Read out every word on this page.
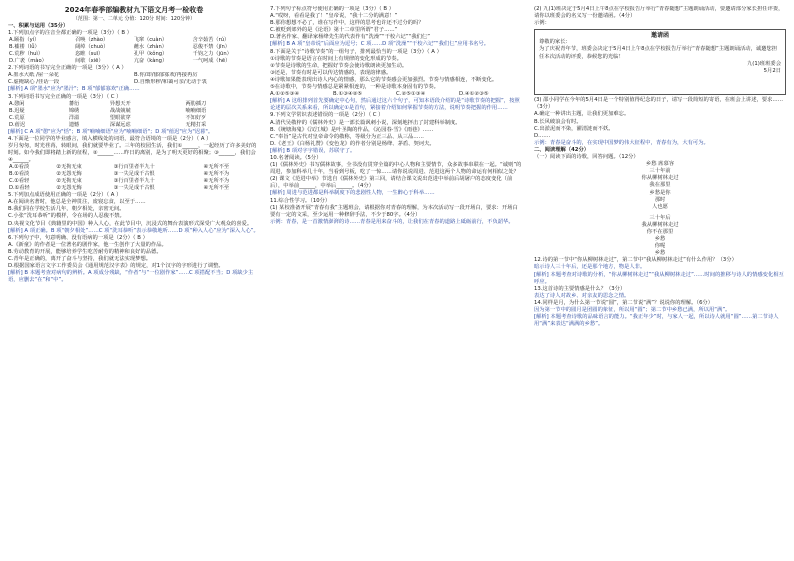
2024年春季部编教材九下语文月考一检收卷
（范围：第一、二单元 分值：120分 时间：120分钟）
一、积累与运用（35分）

1.下列加点字的注音全都正确的一项是（3分）（ B ）

A.颐指（yí）	召唤（zhào）	飞窜（cuàn）	含辛茹苦（rú）
B.褴褛（lǚ）	阔绰（chuò）	蘸水（zhàn）	忍俊不禁（jīn）
C.荒秽（huì）	恣睢（suī）	孔甲（kǒng）	千钧之力（jūn）
D.广袤（mào）	间歇（xiē）	亢奋（kàng）	一气呵成（hē）

2.下列词语的书写完全正确的一项是（3分）（ A ）

A.墨水大纸 /屋一朵花	B.你/却/郁郁寡欢/再接再厉
C.虚掩缺心 /佳话一段	D.自惭形秽/和蔼可亲/无动于衷

[解析] A 项"墨水"应为"墨汁"；B 项"郁郁寡欢"正确……

3.下列词语书写完全正确的一项是（3分）（ C ）

A.憩闲	蕃衍	异想天开	两肋插刀
B.迟疑	锦绣	战战兢兢	喃喃细语
C.荒原	洋溢	望眼欲穿	不知好歹
D.蓿迟	遗憾	深谋远虑	无精打采

[解析] C A 项"憩"应为"恬"；B 项"喃喃细语"应为"喃喃细语"；D 项"蓿迟"应为"迟暮"。

4.下面是一位同学的毕业感言，填入横线处的词语，最符合语境的一项是（2分）（ A ）

岁月匆匆，时光荏苒，转眼间，我们就要毕业了。三年的校园生活，我们①______，一起经历了许多美好的时刻。如今我们即将踏上新的征程，②______……昨日的离别，是为了明天更好的相聚；③______，我们会④______。

A.①看淡	②无拘无束	③行百里者半九十	④无所不至
B.①看淡	②无怨无悔	③一失足成千古恨	④无所不为
C.①看轻	②无拘无束	③行百里者半九十	④无所不为
D.①看轻	②无怨无悔	③一失足成千古恨	④无所不至

5.下列加点成语使用正确的一项是（2分）（ A ）

A.在阅读名著时，他总是全神贯注，废寝忘食，以至于……

B.我们同在学校生活几年，朝夕相处，亲密无间。

C.小张“洗耳恭听”的模样，令在场的人忍俊不禁。

D.央视文化节目《典籍里的中国》种入人心，在此节目中，沉浸式的舞台表演形式深受广大观众的喜爱。

[解析] A 项正确。B 项“朝夕相处”……C 项“洗耳恭听”表示恭敬地听……D 项“种入人心”应为“深入人心”。

6.下列句子中，句意明确、没有语病的一项是（2分）（ B ）

A.《新童》的作者是一位著名的剧作家，他一生创作了大量的作品。

B.劳动教育的开展，能够培养学生吃苦耐劳的精神和良好的品德。

C.青年是正确的，离开了奋斗与坚持，我们就无法实现梦想。

D.根据国家语言文字工作委员会《通用规范汉字表》的规定，对1个汉字的字形进行了调整。

[解析] B 本题考查对病句的辨析。A 项成分残缺，“作者”与“一位剧作家”……C 项搭配不当；D 项缺少主语，应删去“在”和“中”。

7.下列句子标点符号使用正确的一项是（3分）（ B ）

A.“哎呀，看看是我了！”皇帝说，“我十二分的满意！”

B.那你想想不必了，谁在写作中，这样的思考也许还不过分的吗？

C.被贬到郊外的是《论语》第十二章里所谓“君子……”

D.著名作家、翻译家杨绛先生的代表作有“洗澡”“干校六记”“我们仨”

[解析] B A 项“皇帝说”后面应为逗号；C 项……D 项“洗澡”“干校六记”“我们仨”应用书名号。

8.下面是关于“诗歌节奏”的一组句子，排列最恰当的一项是（3分）（ A ）

①诗歌的节奏是语言在时间上有规律的变化形成的节奏。

②节奏是诗歌的生命，把握好节奏会使诗歌朗读更加生动。

③还是，节奏有时是可以传达情感的，表现韵律感。

④诗歌如果能表现出诗人内心的情感，那么它的节奏感会更加强烈。节奏与情感相连，不断变化。

⑤在诗歌中，节奏与情感总是紧紧相连的，一种是诗歌本身固有的节奏。

A.①②⑤③④	B.①③④②⑤	C.②⑤①③④	D.④①②③⑤

[解析] A 这组排列首先要确定中心句，然后通过这六个句子，可知本语段介绍的是“诗歌节奏的把握”，按照论述的层次关系来看，所以确定①是首句，紧接着介绍如何掌握节奏的方法，说明节奏把握的作用……

9.下列文学常识表述错误的一项是（2分）（ C ）

A.清代吴敬梓的《儒林外史》是一部长篇讽刺小说，深刻地抨击了封建科举制度。

B.《统塘海鬼》《汉江城》是叶圣陶的作品，《沁园春·雪》《雨巷》……

C.“奉旨”是古代对皇帝命令的敬称，等级分为正三品、从三品……

D.《老王》《白杨礼赞》《变色龙》的作者分别是杨绛、茅盾、契诃夫。

[解析] B 项对字字错误，苏联守了。

10.名著阅读。（5分）

(1)《儒林外史》书写儒林故事，全书没有贯穿全篇的中心人物和主要情节，众多故事串联在一起。“诚则”的周进，参加科举几十年，当看到号板，吃了一惊……请你说说周进、范进这两个人物的命运有何相似之处？

(2) 课文《范进中举》节选自《儒林外史》第三回，请结合课文说出范进中举前后胡屠户的态度变化（前后），中举前______，中举后______。（4分）

[解析] 周进与范进都是科举制度下的悲剧性人物，一生醉心于科举……

11.综合性学习。（10分）

(1) 某校准备开展“青春有我”主题班会，请根据你对青春的理解，为本次活动写一段开场白，要求：开场白要有一定的文采，至少运用一种修辞手法，不少于80字。（4分）

示例：青春，是一首激情澎湃的诗……青春是用来奋斗的，让我们在青春的道路上砥砺前行，不负韶华。

(2) 九(1)班决定于5月4日上午8点在学校报告厅举行“青春随想”主题朗诵活动，要邀请部分家长担任评委，请你以班委会的名义写一份邀请函。（4分）

示例：

邀请函
尊敬的家长：
为了庆祝青年节，班委会决定于5月4日上午8点在学校报告厅举行“青春随想”主题朗诵活动，诚邀您担任本次活动的评委，恭候您的光临！
九(1)班班委会
5月2日

(3) 邵小同学在今年的5月4日是一个特别值得纪念的日子，请写一段简短的寄语，在班会上讲述，要求……（3分）

A.确定一种讲出主题，让我们更加难忘。

B.长风破浪会有时。

C.出淤泥而不染，濯清涟而不妖。

D.……

示例：青春是奋斗的，在实现中国梦的伟大征程中，青春有为，大有可为。

二、阅读理解（42分）

（一）阅读下面的诗歌，回答问题。（12分）

乡愁 席慕容
三十年前
你从柳树林走过
我在那里
乡愁是你
那时
人也愿
三十年后
我从柳树林走过
你不在那里
乡愁
你呢
乡愁

12.诗的第一节中“你从柳树林走过”，第二节中“我从柳树林走过”有什么作用？（3分）

暗示诗人三十年后，还是那个地方，物是人非。

[解析] 本题考查对诗歌的分析，“你从柳树林走过”“我从柳树林走过”……时间的推移与诗人的情感变化相互呼应。

13.这首诗的主要情感是什么？（3分）

表达了诗人对故乡、对亲友的思念之情。

14.同样是月，为什么第一节说“圆”，第二节说“满”？说说你的理解。（6分）

因为第一节中的圆月是团圆的象征，所以用“圆”；第二节中乡愁已满，所以用“满”。

[解析] 本题考查诗歌的品味语言的能力。“我正年少”时，与家人一起，所以诗人就用“圆”……第二节诗人用“满”来表达“满满的乡愁”。
